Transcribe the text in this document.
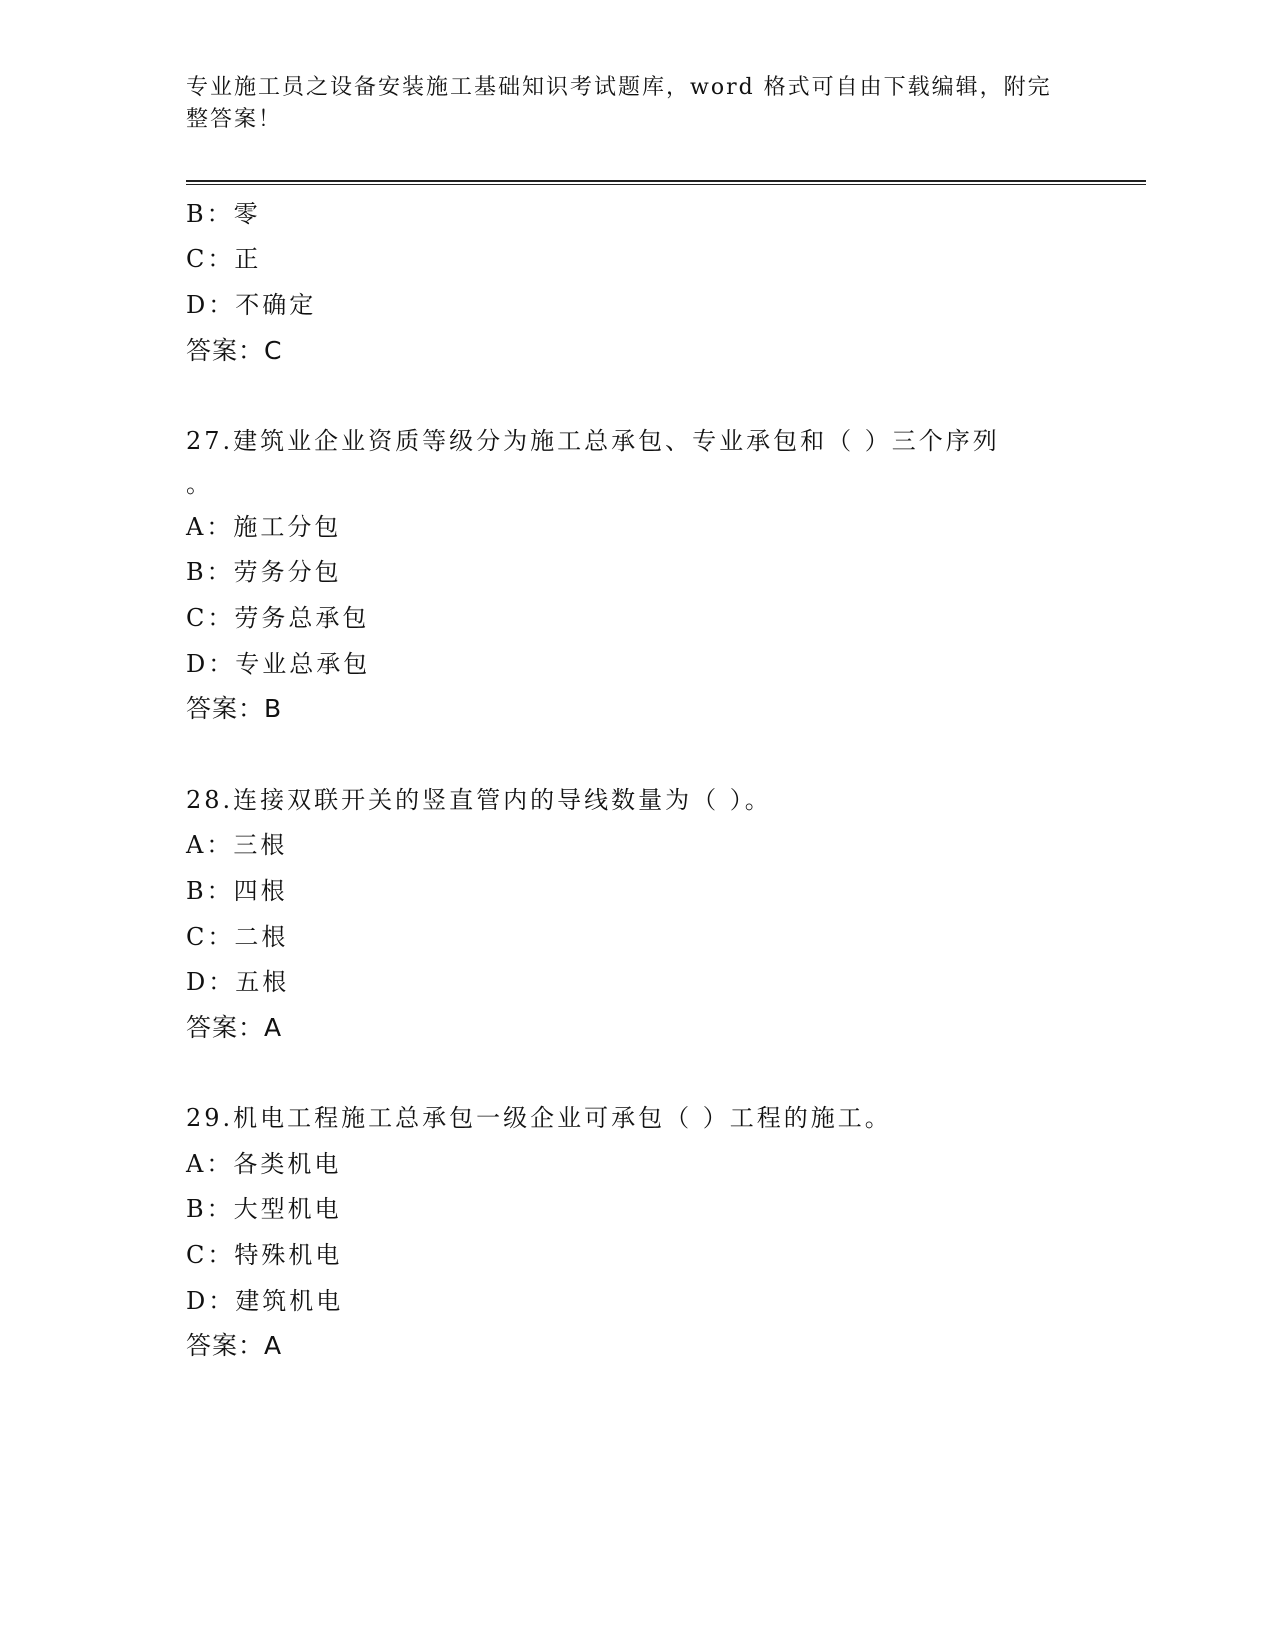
专业施工员之设备安装施工基础知识考试题库，word 格式可自由下载编辑，附完整答案！

B：零
C：正
D：不确定
答案：C
27.建筑业企业资质等级分为施工总承包、专业承包和（ ）三个序列
。
A：施工分包
B：劳务分包
C：劳务总承包
D：专业总承包
答案：B
28.连接双联开关的竖直管内的导线数量为（ ）。
A：三根
B：四根
C：二根
D：五根
答案：A
29.机电工程施工总承包一级企业可承包（ ）工程的施工。
A：各类机电
B：大型机电
C：特殊机电
D：建筑机电
答案：A
